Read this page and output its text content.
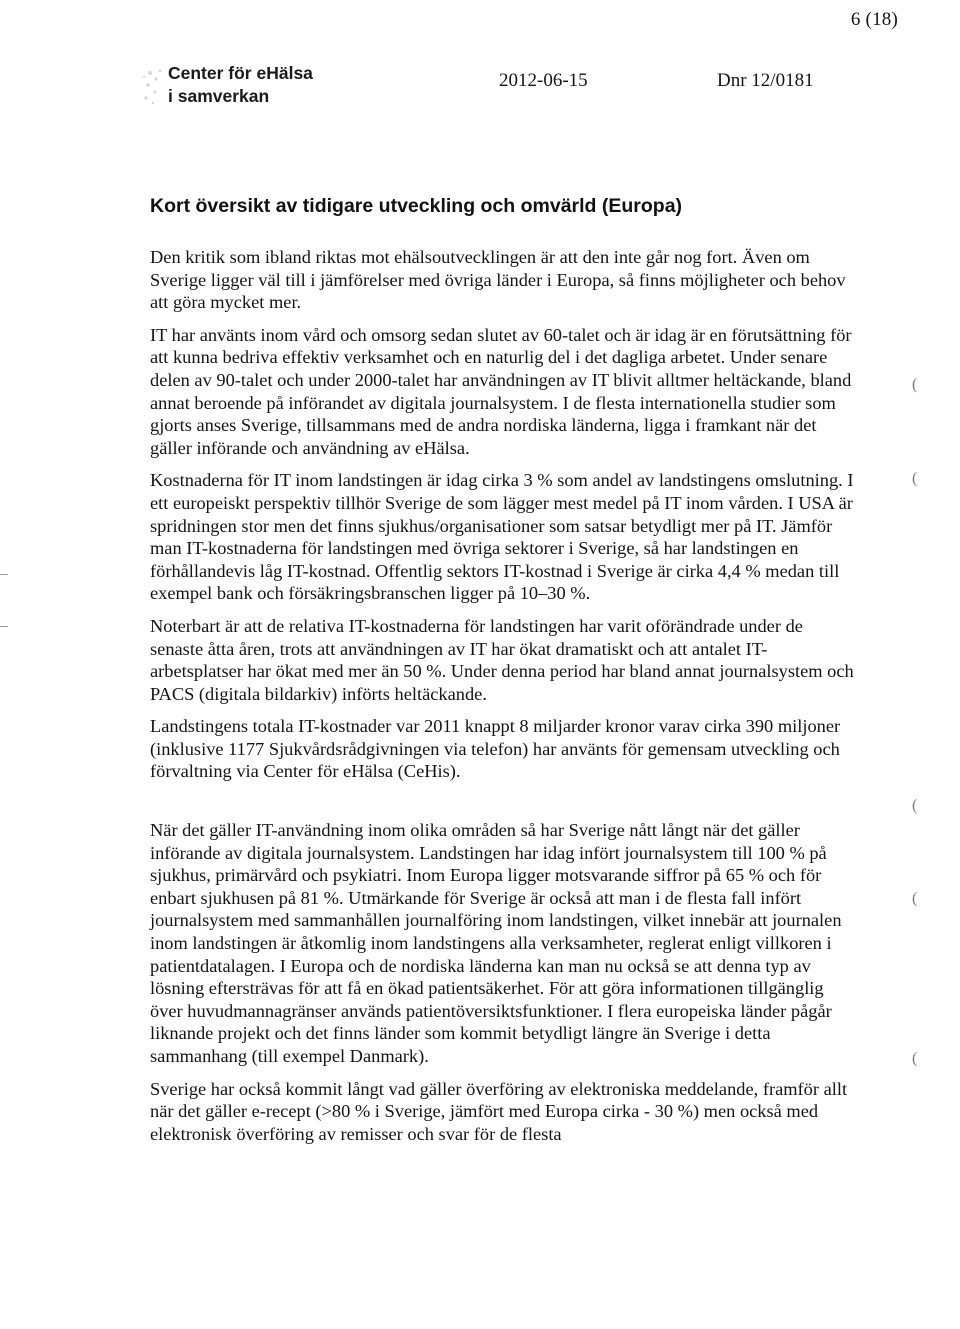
6 (18)
Center för eHälsa
i samverkan
2012-06-15	Dnr 12/0181
Kort översikt av tidigare utveckling och omvärld (Europa)

Den kritik som ibland riktas mot ehälsoutvecklingen är att den inte går nog fort. Även om Sverige ligger väl till i jämförelser med övriga länder i Europa, så finns möjligheter och behov att göra mycket mer.

IT har använts inom vård och omsorg sedan slutet av 60-talet och är idag är en förutsättning för att kunna bedriva effektiv verksamhet och en naturlig del i det dagliga arbetet. Under senare delen av 90-talet och under 2000-talet har användningen av IT blivit alltmer heltäckande, bland annat beroende på införandet av digitala journalsystem. I de flesta internationella studier som gjorts anses Sverige, tillsammans med de andra nordiska länderna, ligga i framkant när det gäller införande och användning av eHälsa.

Kostnaderna för IT inom landstingen är idag cirka 3 % som andel av landstingens omslutning. I ett europeiskt perspektiv tillhör Sverige de som lägger mest medel på IT inom vården. I USA är spridningen stor men det finns sjukhus/organisationer som satsar betydligt mer på IT. Jämför man IT-kostnaderna för landstingen med övriga sektorer i Sverige, så har landstingen en förhållandevis låg IT-kostnad. Offentlig sektors IT-kostnad i Sverige är cirka 4,4 % medan till exempel bank och försäkringsbranschen ligger på 10–30 %.

Noterbart är att de relativa IT-kostnaderna för landstingen har varit oförändrade under de senaste åtta åren, trots att användningen av IT har ökat dramatiskt och att antalet IT-arbetsplatser har ökat med mer än 50 %. Under denna period har bland annat journalsystem och PACS (digitala bildarkiv) införts heltäckande.

Landstingens totala IT-kostnader var 2011 knappt 8 miljarder kronor varav cirka 390 miljoner (inklusive 1177 Sjukvårdsrådgivningen via telefon) har använts för gemensam utveckling och förvaltning via Center för eHälsa (CeHis).

När det gäller IT-användning inom olika områden så har Sverige nått långt när det gäller införande av digitala journalsystem. Landstingen har idag infört journalsystem till 100 % på sjukhus, primärvård och psykiatri. Inom Europa ligger motsvarande siffror på 65 % och för enbart sjukhusen på 81 %. Utmärkande för Sverige är också att man i de flesta fall infört journalsystem med sammanhållen journalföring inom landstingen, vilket innebär att journalen inom landstingen är åtkomlig inom landstingens alla verksamheter, reglerat enligt villkoren i patientdatalagen. I Europa och de nordiska länderna kan man nu också se att denna typ av lösning eftersträvas för att få en ökad patientsäkerhet. För att göra informationen tillgänglig över huvudmannagränser används patientöversiktsfunktioner. I flera europeiska länder pågår liknande projekt och det finns länder som kommit betydligt längre än Sverige i detta sammanhang (till exempel Danmark).

Sverige har också kommit långt vad gäller överföring av elektroniska meddelande, framför allt när det gäller e-recept (>80 % i Sverige, jämfört med Europa cirka - 30 %) men också med elektronisk överföring av remisser och svar för de flesta

(
(
(
(
(
